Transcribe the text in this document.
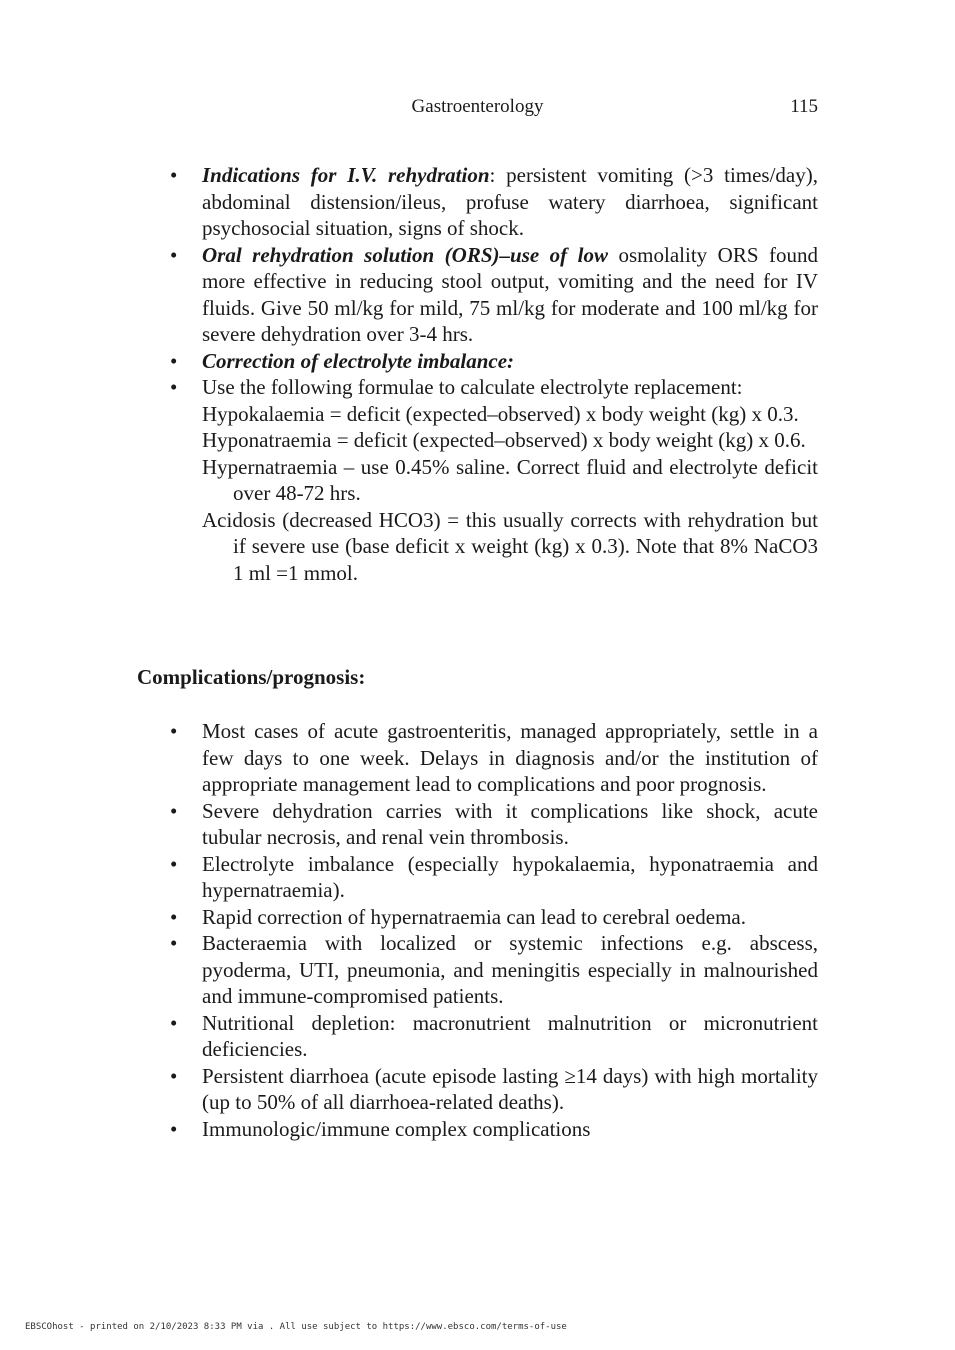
Gastroenterology	115
• Indications for I.V. rehydration: persistent vomiting (>3 times/day), abdominal distension/ileus, profuse watery diarrhoea, significant psychosocial situation, signs of shock.
• Oral rehydration solution (ORS)–use of low osmolality ORS found more effective in reducing stool output, vomiting and the need for IV fluids. Give 50 ml/kg for mild, 75 ml/kg for moderate and 100 ml/kg for severe dehydration over 3-4 hrs.
• Correction of electrolyte imbalance:
• Use the following formulae to calculate electrolyte replacement:
Hypokalaemia = deficit (expected–observed) x body weight (kg) x 0.3.
Hyponatraemia = deficit (expected–observed) x body weight (kg) x 0.6.
Hypernatraemia – use 0.45% saline. Correct fluid and electrolyte deficit over 48-72 hrs.
Acidosis (decreased HCO3) = this usually corrects with rehydration but if severe use (base deficit x weight (kg) x 0.3). Note that 8% NaCO3 1 ml =1 mmol.
Complications/prognosis:
• Most cases of acute gastroenteritis, managed appropriately, settle in a few days to one week. Delays in diagnosis and/or the institution of appropriate management lead to complications and poor prognosis.
• Severe dehydration carries with it complications like shock, acute tubular necrosis, and renal vein thrombosis.
• Electrolyte imbalance (especially hypokalaemia, hyponatraemia and hypernatraemia).
• Rapid correction of hypernatraemia can lead to cerebral oedema.
• Bacteraemia with localized or systemic infections e.g. abscess, pyoderma, UTI, pneumonia, and meningitis especially in malnourished and immune-compromised patients.
• Nutritional depletion: macronutrient malnutrition or micronutrient deficiencies.
• Persistent diarrhoea (acute episode lasting ≥14 days) with high mortality (up to 50% of all diarrhoea-related deaths).
• Immunologic/immune complex complications
EBSCOhost - printed on 2/10/2023 8:33 PM via . All use subject to https://www.ebsco.com/terms-of-use
